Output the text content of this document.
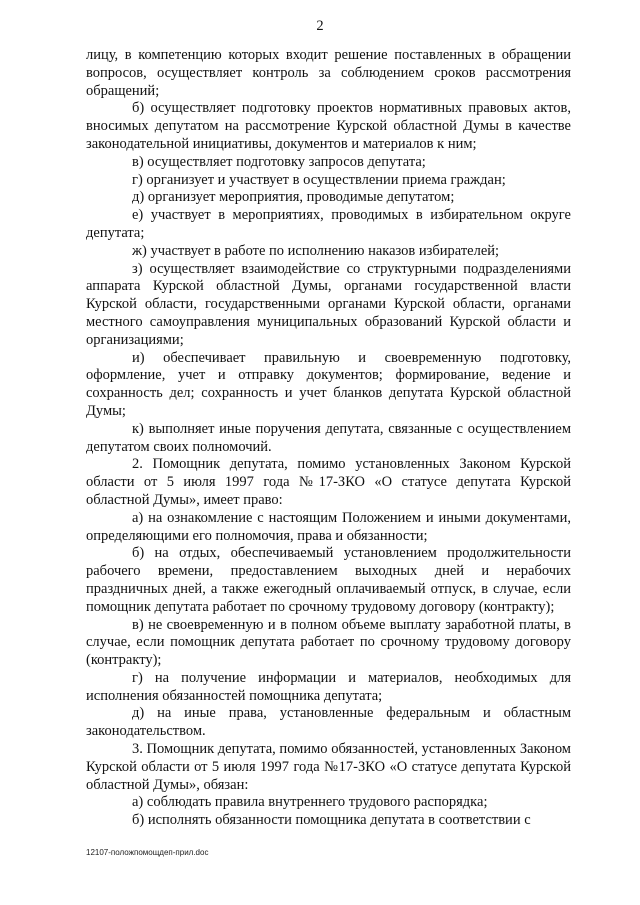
2

лицу, в компетенцию которых входит решение поставленных в обращении вопросов, осуществляет контроль за соблюдением сроков рассмотрения обращений;

б) осуществляет подготовку проектов нормативных правовых актов, вносимых депутатом на рассмотрение Курской областной Думы в качестве законодательной инициативы, документов и материалов к ним;

в) осуществляет подготовку запросов депутата;

г) организует и участвует в осуществлении приема граждан;

д) организует мероприятия, проводимые депутатом;

е) участвует в мероприятиях, проводимых в избирательном округе депутата;

ж) участвует в работе по исполнению наказов избирателей;

з) осуществляет взаимодействие со структурными подразделениями аппарата Курской областной Думы, органами государственной власти Курской области, государственными органами Курской области, органами местного самоуправления муниципальных образований Курской области и организациями;

и) обеспечивает правильную и своевременную подготовку, оформление, учет и отправку документов; формирование, ведение и сохранность дел; сохранность и учет бланков депутата Курской областной Думы;

к) выполняет иные поручения депутата, связанные с осуществлением депутатом своих полномочий.

2. Помощник депутата, помимо установленных Законом Курской области от 5 июля 1997 года №17-ЗКО «О статусе депутата Курской областной Думы», имеет право:

а) на ознакомление с настоящим Положением и иными документами, определяющими его полномочия, права и обязанности;

б) на отдых, обеспечиваемый установлением продолжительности рабочего времени, предоставлением выходных дней и нерабочих праздничных дней, а также ежегодный оплачиваемый отпуск, в случае, если помощник депутата работает по срочному трудовому договору (контракту);

в) не своевременную и в полном объеме выплату заработной платы, в случае, если помощник депутата работает по срочному трудовому договору (контракту);

г) на получение информации и материалов, необходимых для исполнения обязанностей помощника депутата;

д) на иные права, установленные федеральным и областным законодательством.

3. Помощник депутата, помимо обязанностей, установленных Законом Курской области от 5 июля 1997 года №17-ЗКО «О статусе депутата Курской областной Думы», обязан:

а) соблюдать правила внутреннего трудового распорядка;

б) исполнять обязанности помощника депутата в соответствии с

12107-положпомощдеп-прил.doc
